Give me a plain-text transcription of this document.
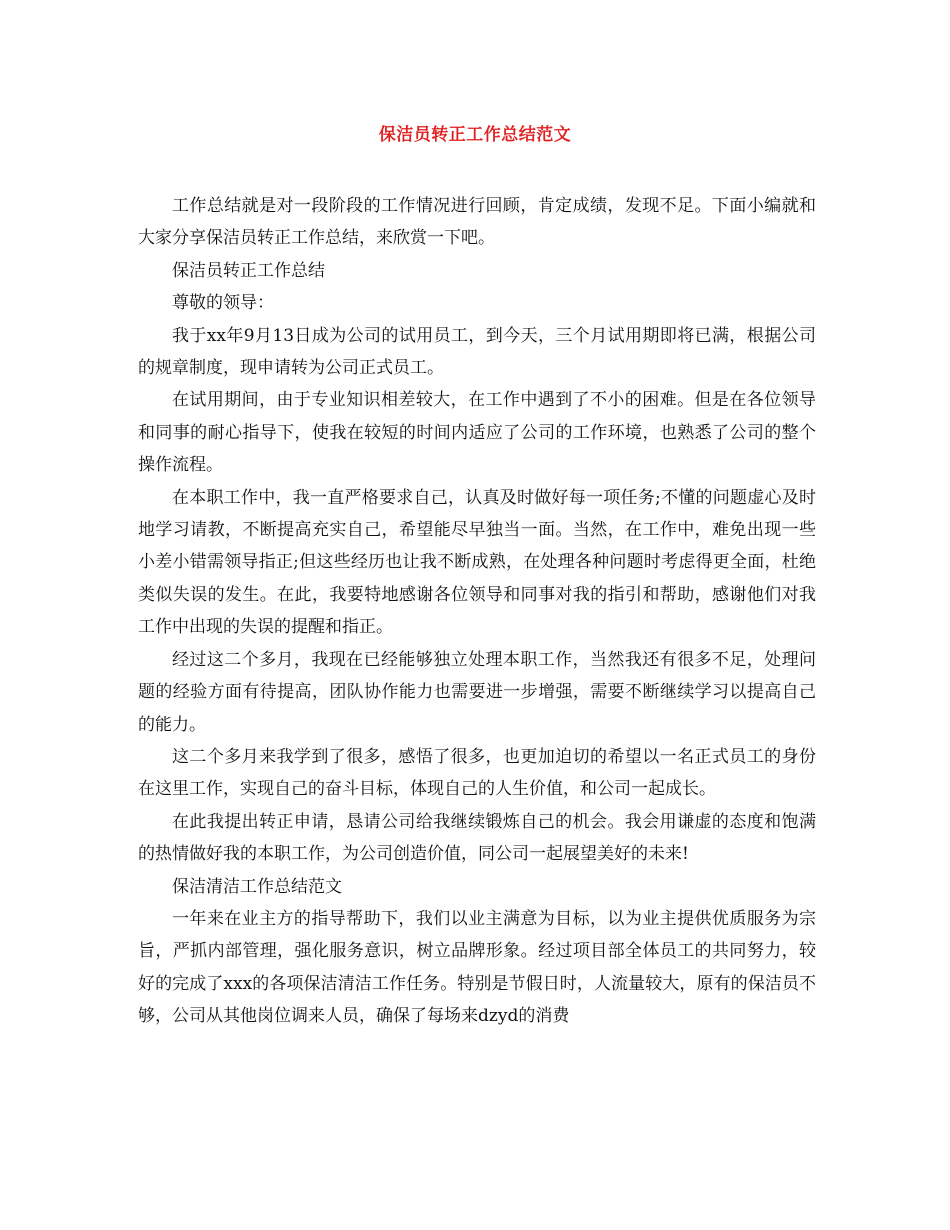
保洁员转正工作总结范文

工作总结就是对一段阶段的工作情况进行回顾，肯定成绩，发现不足。下面小编就和大家分享保洁员转正工作总结，来欣赏一下吧。

保洁员转正工作总结

尊敬的领导：

我于xx年9月13日成为公司的试用员工，到今天，三个月试用期即将已满，根据公司的规章制度，现申请转为公司正式员工。

在试用期间，由于专业知识相差较大，在工作中遇到了不小的困难。但是在各位领导和同事的耐心指导下，使我在较短的时间内适应了公司的工作环境，也熟悉了公司的整个操作流程。

在本职工作中，我一直严格要求自己，认真及时做好每一项任务;不懂的问题虚心及时地学习请教，不断提高充实自己，希望能尽早独当一面。当然，在工作中，难免出现一些小差小错需领导指正;但这些经历也让我不断成熟，在处理各种问题时考虑得更全面，杜绝类似失误的发生。在此，我要特地感谢各位领导和同事对我的指引和帮助，感谢他们对我工作中出现的失误的提醒和指正。

经过这二个多月，我现在已经能够独立处理本职工作，当然我还有很多不足，处理问题的经验方面有待提高，团队协作能力也需要进一步增强，需要不断继续学习以提高自己的能力。

这二个多月来我学到了很多，感悟了很多，也更加迫切的希望以一名正式员工的身份在这里工作，实现自己的奋斗目标，体现自己的人生价值，和公司一起成长。

在此我提出转正申请，恳请公司给我继续锻炼自己的机会。我会用谦虚的态度和饱满的热情做好我的本职工作，为公司创造价值，同公司一起展望美好的未来!

保洁清洁工作总结范文

一年来在业主方的指导帮助下，我们以业主满意为目标，以为业主提供优质服务为宗旨，严抓内部管理，强化服务意识，树立品牌形象。经过项目部全体员工的共同努力，较好的完成了xxx的各项保洁清洁工作任务。特别是节假日时，人流量较大，原有的保洁员不够，公司从其他岗位调来人员，确保了每场来dzyd的消费
